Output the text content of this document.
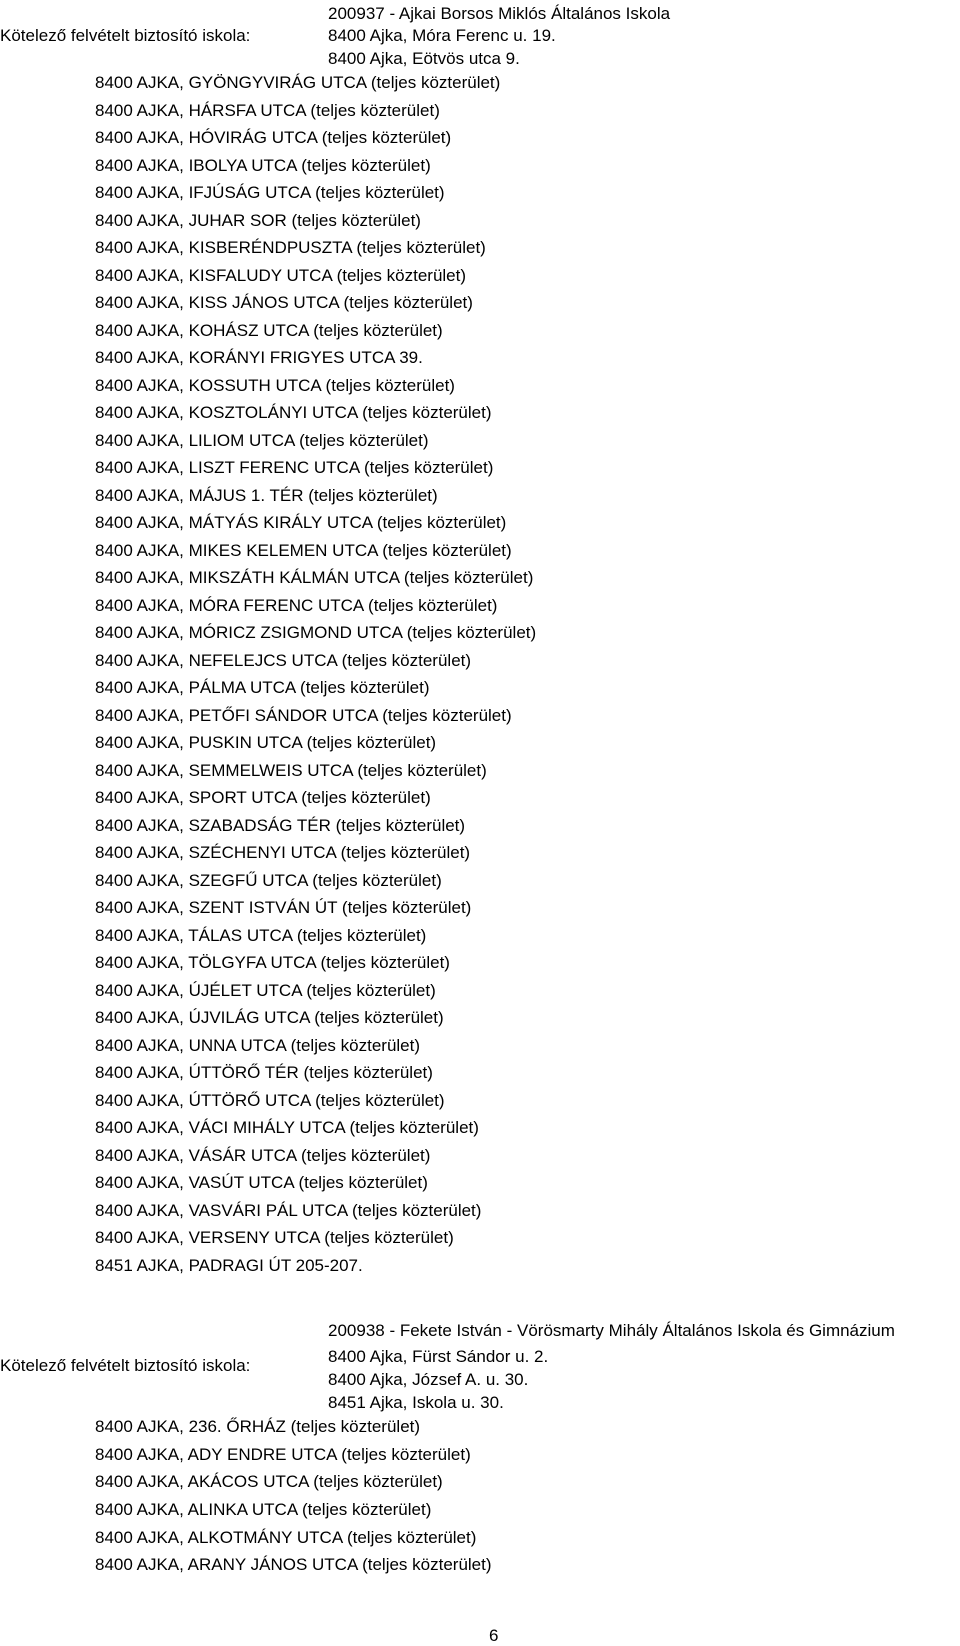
200937 - Ajkai Borsos Miklós Általános Iskola
Kötelező felvételt biztosító iskola:	8400 Ajka, Móra Ferenc u. 19.
8400 Ajka, Eötvös utca 9.
8400 AJKA, GYÖNGYVIRÁG UTCA (teljes közterület)
8400 AJKA, HÁRSFA UTCA (teljes közterület)
8400 AJKA, HÓVIRÁG UTCA (teljes közterület)
8400 AJKA, IBOLYA UTCA (teljes közterület)
8400 AJKA, IFJÚSÁG UTCA (teljes közterület)
8400 AJKA, JUHAR SOR (teljes közterület)
8400 AJKA, KISBERÉNDPUSZTA (teljes közterület)
8400 AJKA, KISFALUDY UTCA (teljes közterület)
8400 AJKA, KISS JÁNOS UTCA (teljes közterület)
8400 AJKA, KOHÁSZ UTCA (teljes közterület)
8400 AJKA, KORÁNYI FRIGYES UTCA 39.
8400 AJKA, KOSSUTH UTCA (teljes közterület)
8400 AJKA, KOSZTOLÁNYI UTCA (teljes közterület)
8400 AJKA, LILIOM UTCA (teljes közterület)
8400 AJKA, LISZT FERENC UTCA (teljes közterület)
8400 AJKA, MÁJUS 1. TÉR (teljes közterület)
8400 AJKA, MÁTYÁS KIRÁLY UTCA (teljes közterület)
8400 AJKA, MIKES KELEMEN UTCA (teljes közterület)
8400 AJKA, MIKSZÁTH KÁLMÁN UTCA (teljes közterület)
8400 AJKA, MÓRA FERENC UTCA (teljes közterület)
8400 AJKA, MÓRICZ ZSIGMOND UTCA (teljes közterület)
8400 AJKA, NEFELEJCS UTCA (teljes közterület)
8400 AJKA, PÁLMA UTCA (teljes közterület)
8400 AJKA, PETŐFI SÁNDOR UTCA (teljes közterület)
8400 AJKA, PUSKIN UTCA (teljes közterület)
8400 AJKA, SEMMELWEIS UTCA (teljes közterület)
8400 AJKA, SPORT UTCA (teljes közterület)
8400 AJKA, SZABADSÁG TÉR (teljes közterület)
8400 AJKA, SZÉCHENYI UTCA (teljes közterület)
8400 AJKA, SZEGFŰ UTCA (teljes közterület)
8400 AJKA, SZENT ISTVÁN ÚT (teljes közterület)
8400 AJKA, TÁLAS UTCA (teljes közterület)
8400 AJKA, TÖLGYFA UTCA (teljes közterület)
8400 AJKA, ÚJÉLET UTCA (teljes közterület)
8400 AJKA, ÚJVILÁG UTCA (teljes közterület)
8400 AJKA, UNNA UTCA (teljes közterület)
8400 AJKA, ÚTTÖRŐ TÉR (teljes közterület)
8400 AJKA, ÚTTÖRŐ UTCA (teljes közterület)
8400 AJKA, VÁCI MIHÁLY UTCA (teljes közterület)
8400 AJKA, VÁSÁR UTCA (teljes közterület)
8400 AJKA, VASÚT UTCA (teljes közterület)
8400 AJKA, VASVÁRI PÁL UTCA (teljes közterület)
8400 AJKA, VERSENY UTCA (teljes közterület)
8451 AJKA, PADRAGI ÚT 205-207.
200938 - Fekete István - Vörösmarty Mihály Általános Iskola és Gimnázium
Kötelező felvételt biztosító iskola:	8400 Ajka, Fürst Sándor u. 2.
8400 Ajka, József A. u. 30.
8451 Ajka, Iskola u. 30.
8400 AJKA, 236. ŐRHÁZ (teljes közterület)
8400 AJKA, ADY ENDRE UTCA (teljes közterület)
8400 AJKA, AKÁCOS UTCA (teljes közterület)
8400 AJKA, ALINKA UTCA (teljes közterület)
8400 AJKA, ALKOTMÁNY UTCA (teljes közterület)
8400 AJKA, ARANY JÁNOS UTCA (teljes közterület)
6
